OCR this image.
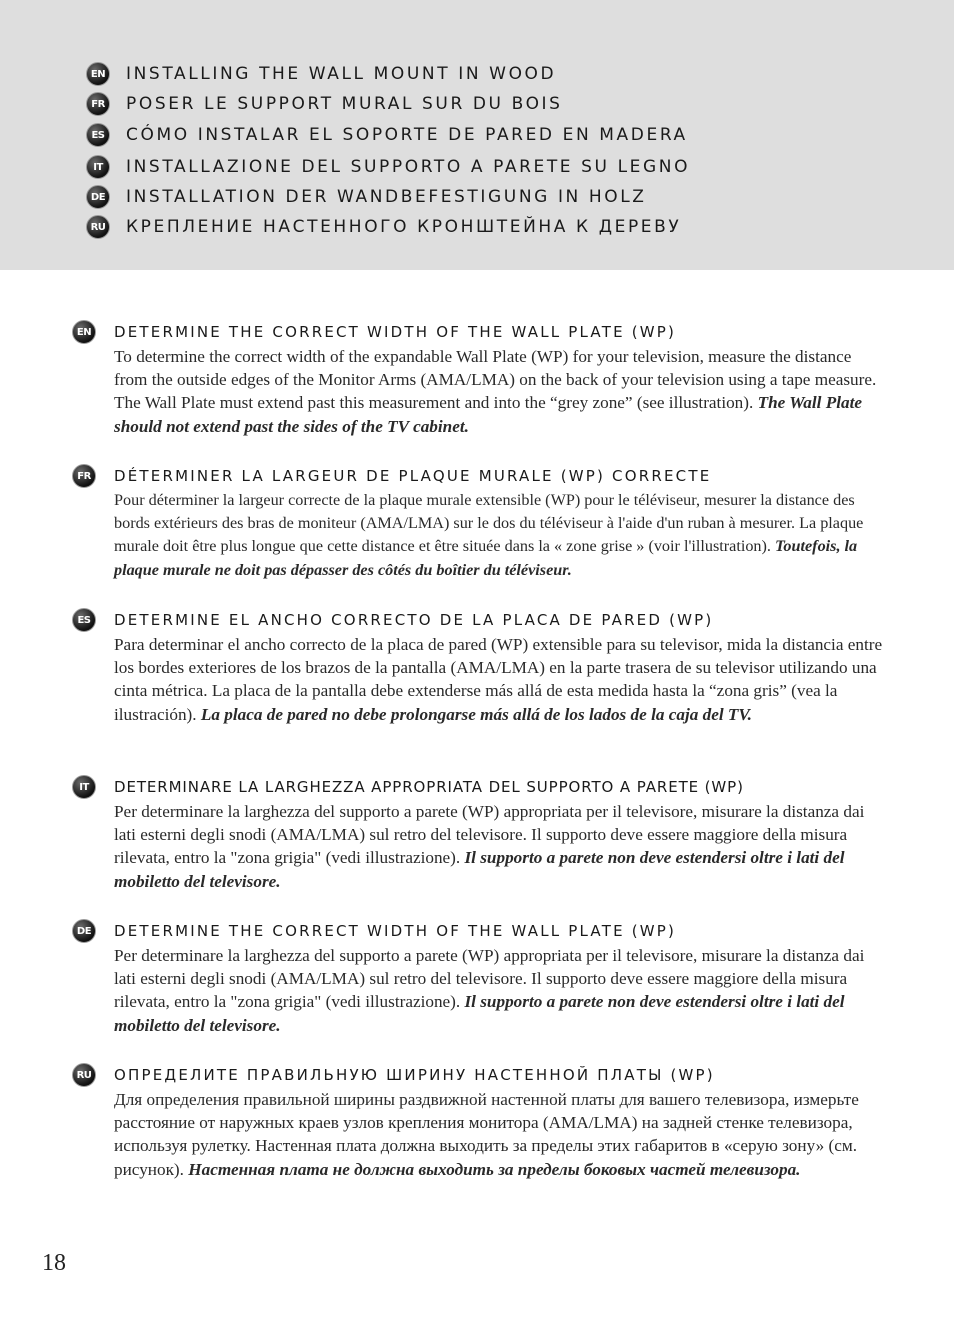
EN INSTALLING THE WALL MOUNT IN WOOD
FR	POSER LE SUPPORT MURAL SUR DU BOIS
ES	CÓMO INSTALAR EL SOPORTE DE PARED EN MADERA
IT	INSTALLAZIONE DEL SUPPORTO A PARETE SU LEGNO
DE INSTALLATION DER WANDBEFESTIGUNG IN HOLZ
RU КРЕПЛЕНИЕ НАСТЕННОГО КРОНШТЕЙНА К ДЕРЕВУ
EN	DETERMINE THE CORRECT WIDTH OF THE WALL PLATE (WP)
To determine the correct width of the expandable Wall Plate (WP) for your television, measure the distance from the outside edges of the Monitor Arms (AMA/LMA) on the back of your television using a tape measure. The Wall Plate must extend past this measurement and into the “grey zone” (see illustration). The Wall Plate should not extend past the sides of the TV cabinet.
FR	DÉTERMINER LA LARGEUR DE PLAQUE MURALE (WP) CORRECTE
Pour déterminer la largeur correcte de la plaque murale extensible (WP) pour le téléviseur, mesurer la distance des bords extérieurs des bras de moniteur (AMA/LMA) sur le dos du téléviseur à l'aide d'un ruban à mesurer. La plaque murale doit être plus longue que cette distance et être située dans la « zone grise » (voir l'illustration). Toutefois, la plaque murale ne doit pas dépasser des côtés du boîtier du téléviseur.
ES	DETERMINE EL ANCHO CORRECTO DE LA PLACA DE PARED (WP)
Para determinar el ancho correcto de la placa de pared (WP) extensible para su televisor, mida la distancia entre los bordes exteriores de los brazos de la pantalla (AMA/LMA) en la parte trasera de su televisor utilizando una cinta métrica. La placa de la pantalla debe extenderse más allá de esta medida hasta la “zona gris” (vea la ilustración). La placa de pared no debe prolongarse más allá de los lados de la caja del TV.
IT	DETERMINARE LA LARGHEZZA APPROPRIATA DEL SUPPORTO A PARETE (WP)
Per determinare la larghezza del supporto a parete (WP) appropriata per il televisore, misurare la distanza dai lati esterni degli snodi (AMA/LMA) sul retro del televisore. Il supporto deve essere maggiore della misura rilevata, entro la "zona grigia" (vedi illustrazione). Il supporto a parete non deve estendersi oltre i lati del mobiletto del televisore.
DE	DETERMINE THE CORRECT WIDTH OF THE WALL PLATE (WP)
Per determinare la larghezza del supporto a parete (WP) appropriata per il televisore, misurare la distanza dai lati esterni degli snodi (AMA/LMA) sul retro del televisore. Il supporto deve essere maggiore della misura rilevata, entro la "zona grigia" (vedi illustrazione). Il supporto a parete non deve estendersi oltre i lati del mobiletto del televisore.
RU	ОПРЕДЕЛИТЕ ПРАВИЛЬНУЮ ШИРИНУ НАСТЕННОЙ ПЛАТЫ (WP)
Для определения правильной ширины раздвижной настенной платы для вашего телевизора, измерьте расстояние от наружных краев узлов крепления монитора (AMA/LMA) на задней стенке телевизора, используя рулетку. Настенная плата должна выходить за пределы этих габаритов в «серую зону» (см. рисунок). Настенная плата не должна выходить за пределы боковых частей телевизора.
18
